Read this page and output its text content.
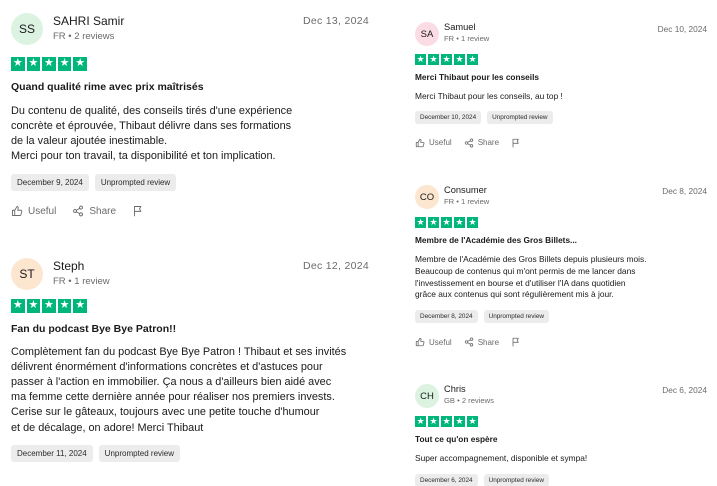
SS
SAHRI Samir
FR • 2 reviews
Dec 13, 2024
★ ★ ★ ★ ★
Quand qualité rime avec prix maîtrisés
Du contenu de qualité, des conseils tirés d'une expérience
concrète et éprouvée, Thibaut délivre dans ses formations
de la valeur ajoutée inestimable.
Merci pour ton travail, ta disponibilité et ton implication.
December 9, 2024	Unprompted review
Useful	Share
ST
Steph
FR • 1 review
Dec 12, 2024
★ ★ ★ ★ ★
Fan du podcast Bye Bye Patron!!
Complètement fan du podcast Bye Bye Patron ! Thibaut et ses invités
délivrent énormément d'informations concrètes et d'astuces pour
passer à l'action en immobilier. Ça nous a d'ailleurs bien aidé avec
ma femme cette dernière année pour réaliser nos premiers invests.
Cerise sur le gâteaux, toujours avec une petite touche d'humour
et de décalage, on adore! Merci Thibaut
December 11, 2024	Unprompted review
SA
Samuel
FR • 1 review
Dec 10, 2024
★ ★ ★ ★ ★
Merci Thibaut pour les conseils
Merci Thibaut pour les conseils, au top !
December 10, 2024	Unprompted review
Useful	Share
CO
Consumer
FR • 1 review
Dec 8, 2024
★ ★ ★ ★ ★
Membre de l'Académie des Gros Billets...
Membre de l'Académie des Gros Billets depuis plusieurs mois.
Beaucoup de contenus qui m'ont permis de me lancer dans
l'investissement en bourse et d'utiliser l'IA dans quotidien
grâce aux contenus qui sont régulièrement mis à jour.
December 8, 2024	Unprompted review
Useful	Share
CH
Chris
GB • 2 reviews
Dec 6, 2024
★ ★ ★ ★ ★
Tout ce qu'on espère
Super accompagnement, disponible et sympa!
December 6, 2024	Unprompted review
